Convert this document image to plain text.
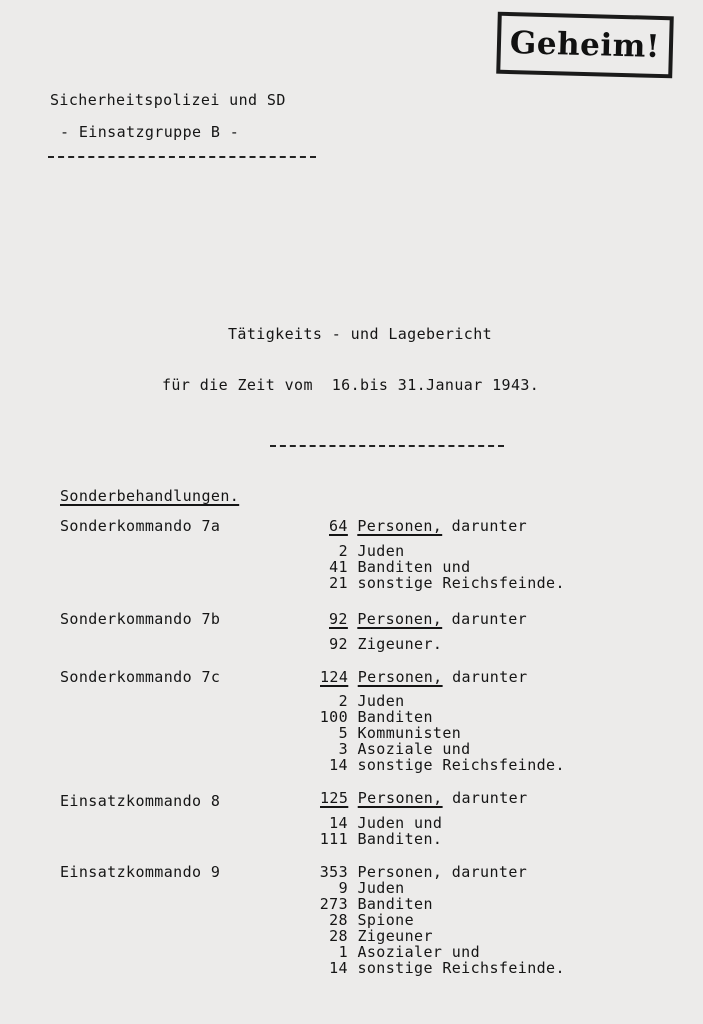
Geheim!
Sicherheitspolizei und SD
- Einsatzgruppe B -
Tätigkeits - und Lagebericht
für die Zeit vom  16.bis 31.Januar 1943.
Sonderbehandlungen.
Sonderkommando 7a	64 Personen, darunter
2 Juden
41 Banditen und
21 sonstige Reichsfeinde.
Sonderkommando 7b	92 Personen, darunter
92 Zigeuner.
Sonderkommando 7c	124 Personen, darunter
2 Juden
100 Banditen
5 Kommunisten
3 Asoziale und
14 sonstige Reichsfeinde.
Einsatzkommando 8	125 Personen, darunter
14 Juden und
111 Banditen.
Einsatzkommando 9	353 Personen, darunter
9 Juden
273 Banditen
28 Spione
28 Zigeuner
1 Asozialer und
14 sonstige Reichsfeinde.
